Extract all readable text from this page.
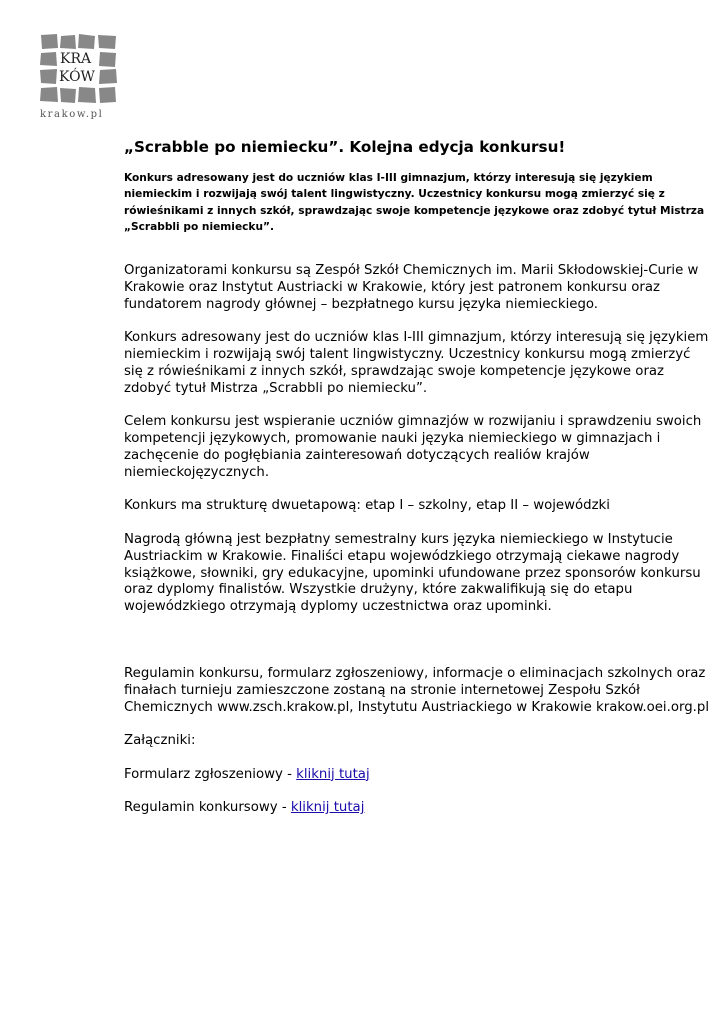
KRA
KÓW
krakow.pl
„Scrabble po niemiecku”. Kolejna edycja konkursu!

Konkurs adresowany jest do uczniów klas I-III gimnazjum, którzy interesują się językiem niemieckim i rozwijają swój talent lingwistyczny. Uczestnicy konkursu mogą zmierzyć się z rówieśnikami z innych szkół, sprawdzając swoje kompetencje językowe oraz zdobyć tytuł Mistrza „Scrabbli po niemiecku”.

Organizatorami konkursu są Zespół Szkół Chemicznych im. Marii Skłodowskiej-Curie w Krakowie oraz Instytut Austriacki w Krakowie, który jest patronem konkursu oraz fundatorem nagrody głównej – bezpłatnego kursu języka niemieckiego.

Konkurs adresowany jest do uczniów klas I-III gimnazjum, którzy interesują się językiem niemieckim i rozwijają swój talent lingwistyczny. Uczestnicy konkursu mogą zmierzyć się z rówieśnikami z innych szkół, sprawdzając swoje kompetencje językowe oraz zdobyć tytuł Mistrza „Scrabbli po niemiecku”.

Celem konkursu jest wspieranie uczniów gimnazjów w rozwijaniu i sprawdzeniu swoich kompetencji językowych, promowanie nauki języka niemieckiego w gimnazjach i zachęcenie do pogłębiania zainteresowań dotyczących realiów krajów niemieckojęzycznych.

Konkurs ma strukturę dwuetapową: etap I – szkolny, etap II – wojewódzki

Nagrodą główną jest bezpłatny semestralny kurs języka niemieckiego w Instytucie Austriackim w Krakowie. Finaliści etapu wojewódzkiego otrzymają ciekawe nagrody książkowe, słowniki, gry edukacyjne, upominki ufundowane przez sponsorów konkursu oraz dyplomy finalistów. Wszystkie drużyny, które zakwalifikują się do etapu wojewódzkiego otrzymają dyplomy uczestnictwa oraz upominki.

Regulamin konkursu, formularz zgłoszeniowy, informacje o eliminacjach szkolnych oraz finałach turnieju zamieszczone zostaną na stronie internetowej Zespołu Szkół Chemicznych www.zsch.krakow.pl, Instytutu Austriackiego w Krakowie krakow.oei.org.pl

Załączniki:

Formularz zgłoszeniowy - kliknij tutaj

Regulamin konkursowy - kliknij tutaj
